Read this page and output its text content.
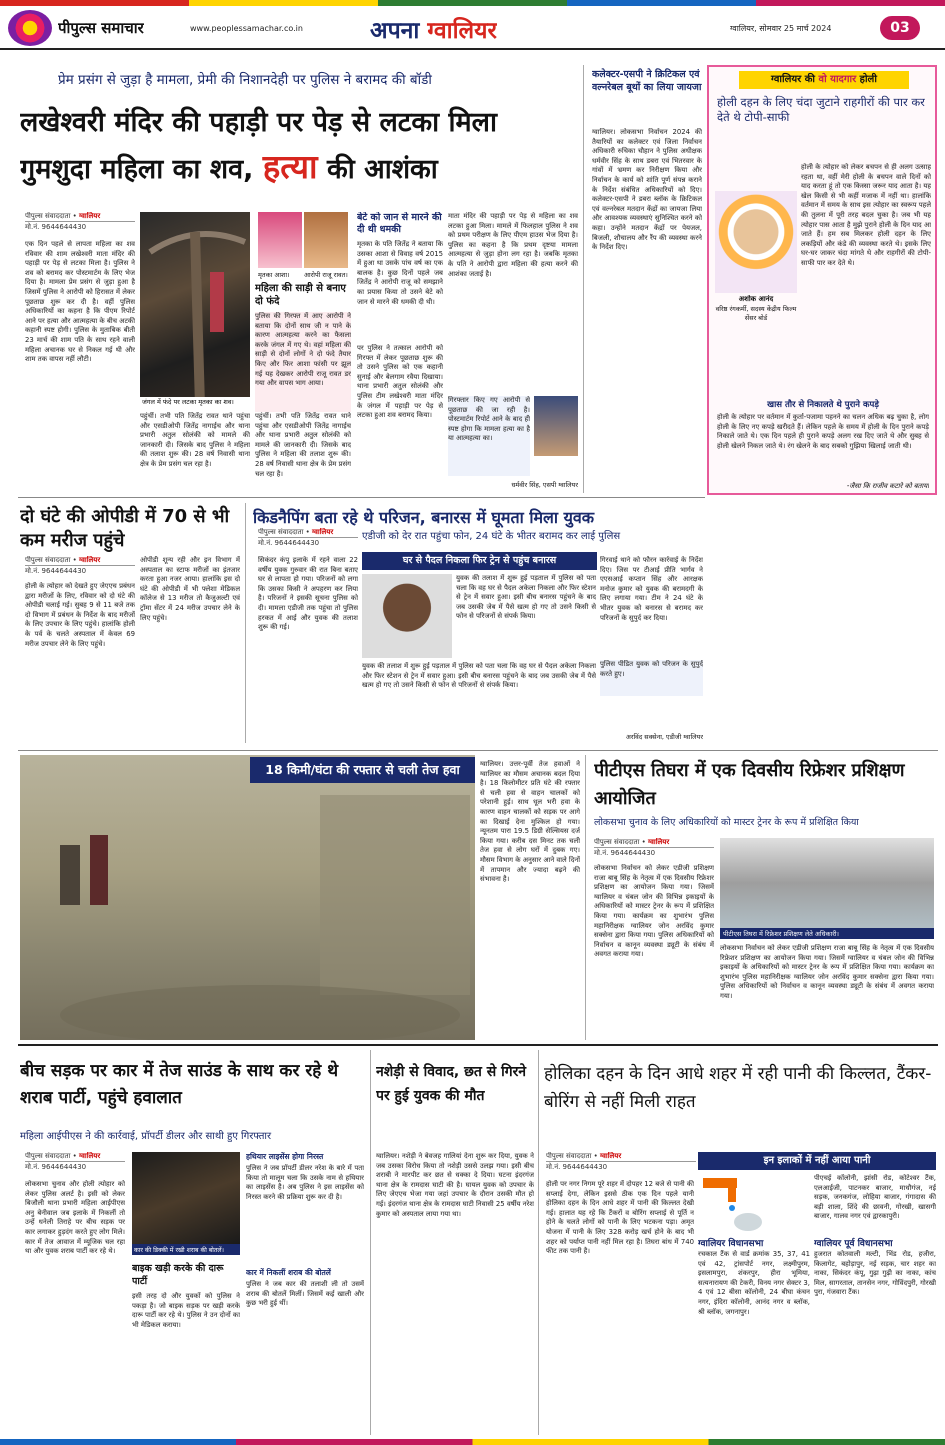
पीपुल्स समाचार	www.peoplessamachar.co.in	अपना ग्वालियर	ग्वालियर, सोमवार 25 मार्च 2024	03
प्रेम प्रसंग से जुड़ा है मामला, प्रेमी की निशानदेही पर पुलिस ने बरामद की बॉडी
लखेश्वरी मंदिर की पहाड़ी पर पेड़ से लटका मिला
गुमशुदा महिला का शव, हत्या की आशंका
पीपुल्स संवाददाता • ग्वालियर
मो.नं. 9644644430
एक दिन पहले से लापता महिला का शव रविवार की शाम लखेश्वरी माता मंदिर की पहाड़ी पर पेड़ से लटका मिला है। पुलिस ने शव को बरामद कर पोस्टमार्टम के लिए भेज दिया है। मामला प्रेम प्रसंग से जुड़ा हुआ है जिसमें पुलिस ने आरोपी को हिरासत में लेकर पूछताछ शुरू कर दी है। वहीं पुलिस अधिकारियों का कहना है कि पीएम रिपोर्ट आने पर हत्या और आत्महत्या के बीच अटकी कहानी स्पष्ट होगी। पुलिस के मुताबिक बीती 23 मार्च की शाम पति के साथ रहने वाली महिला अचानक घर से निकल गई थी और शाम तक वापस नहीं लौटी।
जंगल में फंदे पर लटका मृतका का शव।
मृतका आशा। आरोपी राजू रावत।
महिला की साड़ी से बनाए दो फंदे
पुलिस की गिरफ्त में आए आरोपी ने बताया कि दोनों साथ जी न पाने के कारण आत्महत्या करने का फैसला करके जंगल में गए थे। वहां महिला की साड़ी से दोनों लोगों ने दो फंदे तैयार किए और फिर आशा फांसी पर झूल गई यह देखकर आरोपी राजू रावत डर गया और वापस भाग आया।
पहुंचीं। तभी पति जितेंद्र रावत थाने पहुंचा और एसडीओपी जितेंद्र नागाईच और थाना प्रभारी अतुल सोलंकी को मामले की जानकारी दी। जिसके बाद पुलिस ने महिला की तलाश शुरू की। 28 वर्ष निवासी थाना क्षेत्र के प्रेम प्रसंग चल रहा है।
पहुंचीं। तभी पति जितेंद्र रावत थाने पहुंचा और एसडीओपी जितेंद्र नागाईच और थाना प्रभारी अतुल सोलंकी को मामले की जानकारी दी। जिसके बाद पुलिस ने महिला की तलाश शुरू की। 28 वर्ष निवासी थाना क्षेत्र के प्रेम प्रसंग चल रहा है।
बेटे को जान से मारने की दी थी धमकी
मृतका के पति जितेंद्र ने बताया कि उसका आशा से विवाह वर्ष 2015 में हुआ था उसके पांच वर्ष का एक बालक है। कुछ दिनों पहले जब जितेंद्र ने आरोपी राजू को समझाने का प्रयास किया तो उसने बेटे को जान से मारने की धमकी दी थी।
पर पुलिस ने तत्काल आरोपी को गिरफ्त में लेकर पूछताछ शुरू की तो उसने पुलिस को एक कहानी सुनाई और बेलगाम रवैया दिखाया। थाना प्रभारी अतुल सोलंकी और पुलिस टीम लखेश्वरी माता मंदिर के जंगल में पहाड़ी पर पेड़ से लटका हुआ शव बरामद किया।
माता मंदिर की पहाड़ी पर पेड़ से महिला का शव लटका हुआ मिला। मामले में फिलहाल पुलिस ने शव को प्रथम परीक्षण के लिए पीएम हाउस भेज दिया है। पुलिस का कहना है कि प्रथम दृष्टया मामला आत्महत्या से जुड़ा होना लग रहा है। जबकि मृतका के पति ने आरोपी द्वारा महिला की हत्या करने की आशंका जताई है।
गिरफ्तार किए गए आरोपी से पूछताछ की जा रही है। पोस्टमार्टम रिपोर्ट आने के बाद ही स्पष्ट होगा कि मामला हत्या का है या आत्महत्या का।
धर्मवीर सिंह, एसपी ग्वालियर
कलेक्टर-एसपी ने क्रिटिकल एवं वल्नरेबल बूथों का लिया जायजा
ग्वालियर। लोकसभा निर्वाचन 2024 की तैयारियों का कलेक्टर एवं जिला निर्वाचन अधिकारी रुचिका चौहान ने पुलिस अधीक्षक धर्मवीर सिंह के साथ डबरा एवं भितरवार के गांवों में भ्रमण कर निरीक्षण किया और निर्वाचन के कार्य को शांति पूर्ण संपन्न कराने के निर्देश संबंधित अधिकारियों को दिए। कलेक्टर-एसपी ने डबरा ब्लॉक के क्रिटिकल एवं वल्नरेबल मतदान केंद्रों का जायजा लिया और आवश्यक व्यवस्थाएं सुनिश्चित करने को कहा। उन्होंने मतदान केंद्रों पर पेयजल, बिजली, शौचालय और रैंप की व्यवस्था करने के निर्देश दिए।
ग्वालियर की वो यादगार होली
होली दहन के लिए चंदा जुटाने राहगीरों की पार कर देते थे टोपी-साफी
अशोक आनंद
वरिष्ठ रंगकर्मी, सदस्य केंद्रीय फिल्म सेंसर बोर्ड
होली के त्योहार को लेकर बचपन से ही अलग उत्साह रहता था, वहीं मेरी होली के बचपन वाले दिनों को याद करता हूं तो एक किस्सा जरूर याद आता है। यह खेल किसी से भी कहीं मजाक में नहीं था। हालांकि वर्तमान में समय के साथ इस त्योहार का स्वरूप पहले की तुलना में पूरी तरह बदल चुका है। जब भी यह त्योहार पास आता है मुझे पुराने होली के दिन याद आ जाते हैं। हम सब मिलकर होली दहन के लिए लकड़ियों और कंडे की व्यवस्था करते थे। इसके लिए घर-घर जाकर चंदा मांगते थे और राहगीरों की टोपी-साफी पार कर देते थे।
खास तौर से निकालते थे पुराने कपड़े
होली के त्योहार पर वर्तमान में कुर्ता-पजामा पहनने का चलन अधिक बढ़ चुका है, लोग होली के लिए नए कपड़े खरीदते हैं। लेकिन पहले के समय में होली के दिन पुराने कपड़े निकाले जाते थे। एक दिन पहले ही पुराने कपड़े अलग रख दिए जाते थे और सुबह से होली खेलने निकल जाते थे। रंग खेलने के बाद सबको गुझिया खिलाई जाती थी।
-जैसा कि राजीव कटारे को बताया
दो घंटे की ओपीडी में 70 से भी कम मरीज पहुंचे
पीपुल्स संवाददाता • ग्वालियर
मो.नं. 9644644430
होली के त्योहार को देखते हुए जेएएच प्रबंधन द्वारा मरीजों के लिए, रविवार को दो घंटे की ओपीडी चलाई गई। सुबह 9 से 11 बजे तक दो विभाग में प्रबंधन के निर्देश के बाद मरीजों के लिए उपचार के लिए पहुंचे। हालांकि होली के पर्व के चलते अस्पताल में केवल 69 मरीज उपचार लेने के लिए पहुंचे।
ओपीडी शून्य रही और इन विभाग में अस्पताल का स्टाफ मरीजों का इंतजार करता हुआ नजर आया। हालांकि इस दो घंटे की ओपीडी में भी फ्लेशा मेडिकल कॉलेज से 13 मरीज तो कैजुअल्टी एवं ट्रॉमा सेंटर में 24 मरीज उपचार लेने के लिए पहुंचे।
किडनैपिंग बता रहे थे परिजन, बनारस में घूमता मिला युवक
पीपुल्स संवाददाता • ग्वालियर
मो.नं. 9644644430
एडीजी को देर रात पहुंचा फोन, 24 घंटे के भीतर बरामद कर लाई पुलिस
घर से पैदल निकला फिर ट्रेन से पहुंच बनारस
सिकंदर कंपू इलाके में रहने वाला 22 वर्षीय युवक गुरुवार की रात बिना बताए घर से लापता हो गया। परिजनों को लगा कि उसका किसी ने अपहरण कर लिया है। परिजनों ने इसकी सूचना पुलिस को दी। मामला एडीजी तक पहुंचा तो पुलिस हरकत में आई और युवक की तलाश शुरू की गई।
युवक की तलाश में शुरू हुई पड़ताल में पुलिस को पता चला कि वह घर से पैदल अकेला निकला और फिर स्टेशन से ट्रेन में सवार हुआ। इसी बीच बनारस पहुंचने के बाद जब उसकी जेब में पैसे खत्म हो गए तो उसने किसी से फोन से परिजनों से संपर्क किया।
युवक की तलाश में शुरू हुई पड़ताल में पुलिस को पता चला कि वह घर से पैदल अकेला निकला और फिर स्टेशन से ट्रेन में सवार हुआ। इसी बीच बनारस पहुंचने के बाद जब उसकी जेब में पैसे खत्म हो गए तो उसने किसी से फोन से परिजनों से संपर्क किया।
गिरवाई थाने को फौरन कार्रवाई के निर्देश दिए। जिस पर टीआई प्रीति भार्गव ने एएसआई कप्तान सिंह और आरक्षक मनोज कुमार को युवक की बरामदगी के लिए लगाया गया। टीम ने 24 घंटे के भीतर युवक को बनारस से बरामद कर परिजनों के सुपुर्द कर दिया।
पुलिस पीडित युवक को परिजन के सुपुर्द करते हुए।
अरविंद सक्सेना, एडीजी ग्वालियर
18 किमी/घंटा की रफ्तार से चली तेज हवा	ग्वालियर। उत्तर-पूर्वी तेज हवाओं ने ग्वालियर का मौसम अचानक बदल दिया है। 18 किलोमीटर प्रति घंटे की रफ्तार से चली हवा से वाहन चालकों को परेशानी हुई। साथ धूल भरी हवा के कारण वाहन चालकों को सड़क पर आगे का दिखाई देना मुश्किल हो गया। न्यूनतम पारा 19.5 डिग्री सेल्सियस दर्ज किया गया। करीब दस मिनट तक चली तेज हवा से लोग घरों में दुबक गए। मौसम विभाग के अनुसार आने वाले दिनों में तापमान और ज्यादा बढ़ने की संभावना है।
पीटीएस तिघरा में एक दिवसीय रिफ्रेशर प्रशिक्षण आयोजित
लोकसभा चुनाव के लिए अधिकारियों को मास्टर ट्रेनर के रूप में प्रशिक्षित किया
पीपुल्स संवाददाता • ग्वालियर
मो.नं. 9644644430
लोकसभा निर्वाचन को लेकर एडीजी प्रशिक्षण राजा बाबू सिंह के नेतृत्व में एक दिवसीय रिफ्रेशर प्रशिक्षण का आयोजन किया गया। जिसमें ग्वालियर व चंबल जोन की विभिन्न इकाइयों के अधिकारियों को मास्टर ट्रेनर के रूप में प्रशिक्षित किया गया। कार्यक्रम का शुभारंभ पुलिस महानिरीक्षक ग्वालियर जोन अरविंद कुमार सक्सेना द्वारा किया गया। पुलिस अधिकारियों को निर्वाचन व कानून व्यवस्था ड्यूटी के संबंध में अवगत कराया गया।
पीटीएस तिघरा में रिफ्रेशर प्रशिक्षण लेते अधिकारी।
लोकसभा निर्वाचन को लेकर एडीजी प्रशिक्षण राजा बाबू सिंह के नेतृत्व में एक दिवसीय रिफ्रेशर प्रशिक्षण का आयोजन किया गया। जिसमें ग्वालियर व चंबल जोन की विभिन्न इकाइयों के अधिकारियों को मास्टर ट्रेनर के रूप में प्रशिक्षित किया गया। कार्यक्रम का शुभारंभ पुलिस महानिरीक्षक ग्वालियर जोन अरविंद कुमार सक्सेना द्वारा किया गया। पुलिस अधिकारियों को निर्वाचन व कानून व्यवस्था ड्यूटी के संबंध में अवगत कराया गया।
बीच सड़क पर कार में तेज साउंड के साथ कर रहे थे शराब पार्टी, पहुंचे हवालात
महिला आईपीएस ने की कार्रवाई, प्रॉपर्टी डीलर और साथी हुए गिरफ्तार
पीपुल्स संवाददाता • ग्वालियर
मो.नं. 9644644430
लोकसभा चुनाव और होली त्योहार को लेकर पुलिस अलर्ट है। इसी को लेकर बिजौली थाना प्रभारी महिला आईपीएस अनु बेनीवाल जब इलाके में निकलीं तो उन्हें धनेली तिराहे पर बीच सड़क पर कार लगाकर हुड़दंग करते हुए लोग मिले। कार में तेज आवाज में म्यूजिक चल रहा था और युवक शराब पार्टी कर रहे थे।	कार की डिक्की में रखी शराब की बोतलें।
बाइक खड़ी करके की दारू पार्टी
इसी तरह दो और युवकों को पुलिस ने पकड़ा है। जो बाइक सड़क पर खड़ी करके दारू पार्टी कर रहे थे। पुलिस ने उन दोनों का भी मेडिकल कराया।
हथियार लाइसेंस होगा निरस्त
पुलिस ने जब प्रॉपर्टी डीलर नरेश के बारे में पता किया तो मालूम चला कि उसके नाम से हथियार का लाइसेंस है। अब पुलिस ने इस लाइसेंस को निरस्त करने की प्रक्रिया शुरू कर दी है।
कार में निकलीं शराब की बोतलें
पुलिस ने जब कार की तलाशी ली तो उसमें शराब की बोतलें मिलीं। जिसमें कई खाली और कुछ भरी हुई थीं।
नशेड़ी से विवाद, छत से गिरने पर हुई युवक की मौत
ग्वालियर। नशेड़ी ने बेवजह गालियां देना शुरू कर दिया, युवक ने जब उसका विरोध किया तो नशेड़ी उससे उलझ गया। इसी बीच शराबी ने मारपीट कर छत से धक्का दे दिया। घटना इंदरगंज थाना क्षेत्र के रामदास घाटी की है। घायल युवक को उपचार के लिए जेएएच भेजा गया जहां उपचार के दौरान उसकी मौत हो गई। इंदरगंज थाना क्षेत्र के रामदास घाटी निवासी 25 वर्षीय नरेश कुमार को अस्पताल लाया गया था।
होलिका दहन के दिन आधे शहर में रही पानी की किल्लत, टैंकर-बोरिंग से नहीं मिली राहत
पीपुल्स संवाददाता • ग्वालियर
मो.नं. 9644644430
होली पर नगर निगम पूरे शहर में दोपहर 12 बजे से पानी की सप्लाई देगा, लेकिन इससे ठीक एक दिन पहले यानी होलिका दहन के दिन आधे शहर में पानी की किल्लत देखी गई। हालात यह रहे कि टैंकरों व बोरिंग सप्लाई से पूर्ति न होने के चलते लोगों को पानी के लिए भटकना पड़ा। अमृत योजना में पानी के लिए 328 करोड़ खर्च होने के बाद भी शहर को पर्याप्त पानी नहीं मिल रहा है। तिघरा बांध में 740 फीट तक पानी है।
इन इलाकों में नहीं आया पानी
ग्वालियर विधानसभा
रचकाल टैंक से वार्ड क्रमांक 35, 37, 41 एवं 42, ट्रांसपोर्ट नगर, लक्ष्मीपुरम, इसलामपुरा, शंकरपुर, हीरा भूमिया, सत्यनारायण की टेकरी, विनय नगर सेक्टर 3, 4 एवं 12 बीसा कॉलोनी, 24 बीघा कंचन नगर, इंदिरा कॉलोनी, आनंद नगर व ब्लॉक, श्री ब्लॉक, जगनापुर।
पीएचई कॉलोनी, झांसी रोड, कोटेश्वर टैंक, एलआईजी, पाटनकर बाजार, माधौगंज, नई सड़क, जनकगंज, लोहिया बाजार, गंगादास की बड़ी शाला, शिंदे की छावनी, गोरखी, खासगी बाजार, गालव नगर एवं द्वारकापुरी।
ग्वालियर पूर्व विधानसभा
हुजरात कोतवाली मल्टी, भिंड रोड, हजीरा, किलागेट, बहोड़ापुर, नई सड़क, चार शहर का नाका, सिकंदर कंपू, गुढ़ा गुढ़ी का नाका, कांच मिल, सागरताल, तानसेन नगर, गोविंदपुरी, गोरखी पुरा, गंजवारा टैंक।
